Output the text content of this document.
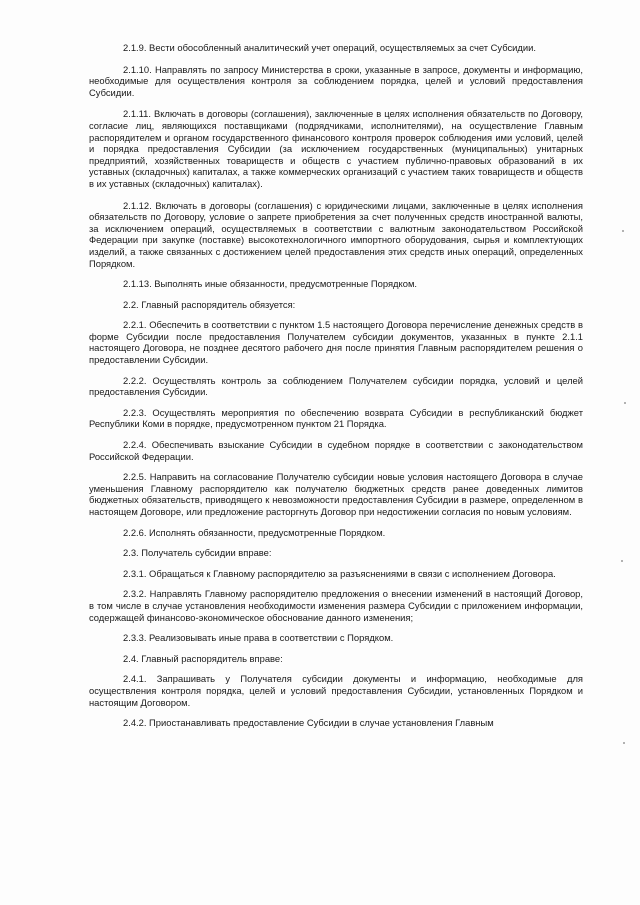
2.1.9. Вести обособленный аналитический учет операций, осуществляемых за счет Субсидии.

2.1.10. Направлять по запросу Министерства в сроки, указанные в запросе, документы и информацию, необходимые для осуществления контроля за соблюдением порядка, целей и условий предоставления Субсидии.

2.1.11. Включать в договоры (соглашения), заключенные в целях исполнения обязательств по Договору, согласие лиц, являющихся поставщиками (подрядчиками, исполнителями), на осуществление Главным распорядителем и органом государственного финансового контроля проверок соблюдения ими условий, целей и порядка предоставления Субсидии (за исключением государственных (муниципальных) унитарных предприятий, хозяйственных товариществ и обществ с участием публично-правовых образований в их уставных (складочных) капиталах, а также коммерческих организаций с участием таких товариществ и обществ в их уставных (складочных) капиталах).

2.1.12. Включать в договоры (соглашения) с юридическими лицами, заключенные в целях исполнения обязательств по Договору, условие о запрете приобретения за счет полученных средств иностранной валюты, за исключением операций, осуществляемых в соответствии с валютным законодательством Российской Федерации при закупке (поставке) высокотехнологичного импортного оборудования, сырья и комплектующих изделий, а также связанных с достижением целей предоставления этих средств иных операций, определенных Порядком.

2.1.13. Выполнять иные обязанности, предусмотренные Порядком.

2.2. Главный распорядитель обязуется:

2.2.1. Обеспечить в соответствии с пунктом 1.5 настоящего Договора перечисление денежных средств в форме Субсидии после предоставления Получателем субсидии документов, указанных в пункте 2.1.1 настоящего Договора, не позднее десятого рабочего дня после принятия Главным распорядителем решения о предоставлении Субсидии.

2.2.2. Осуществлять контроль за соблюдением Получателем субсидии порядка, условий и целей предоставления Субсидии.

2.2.3. Осуществлять мероприятия по обеспечению возврата Субсидии в республиканский бюджет Республики Коми в порядке, предусмотренном пунктом 21 Порядка.

2.2.4. Обеспечивать взыскание Субсидии в судебном порядке в соответствии с законодательством Российской Федерации.

2.2.5. Направить на согласование Получателю субсидии новые условия настоящего Договора в случае уменьшения Главному распорядителю как получателю бюджетных средств ранее доведенных лимитов бюджетных обязательств, приводящего к невозможности предоставления Субсидии в размере, определенном в настоящем Договоре, или предложение расторгнуть Договор при недостижении согласия по новым условиям.

2.2.6. Исполнять обязанности, предусмотренные Порядком.

2.3. Получатель субсидии вправе:

2.3.1. Обращаться к Главному распорядителю за разъяснениями в связи с исполнением Договора.

2.3.2. Направлять Главному распорядителю предложения о внесении изменений в настоящий Договор, в том числе в случае установления необходимости изменения размера Субсидии с приложением информации, содержащей финансово-экономическое обоснование данного изменения;

2.3.3. Реализовывать иные права в соответствии с Порядком.

2.4. Главный распорядитель вправе:

2.4.1. Запрашивать у Получателя субсидии документы и информацию, необходимые для осуществления контроля порядка, целей и условий предоставления Субсидии, установленных Порядком и настоящим Договором.

2.4.2. Приостанавливать предоставление Субсидии в случае установления Главным
